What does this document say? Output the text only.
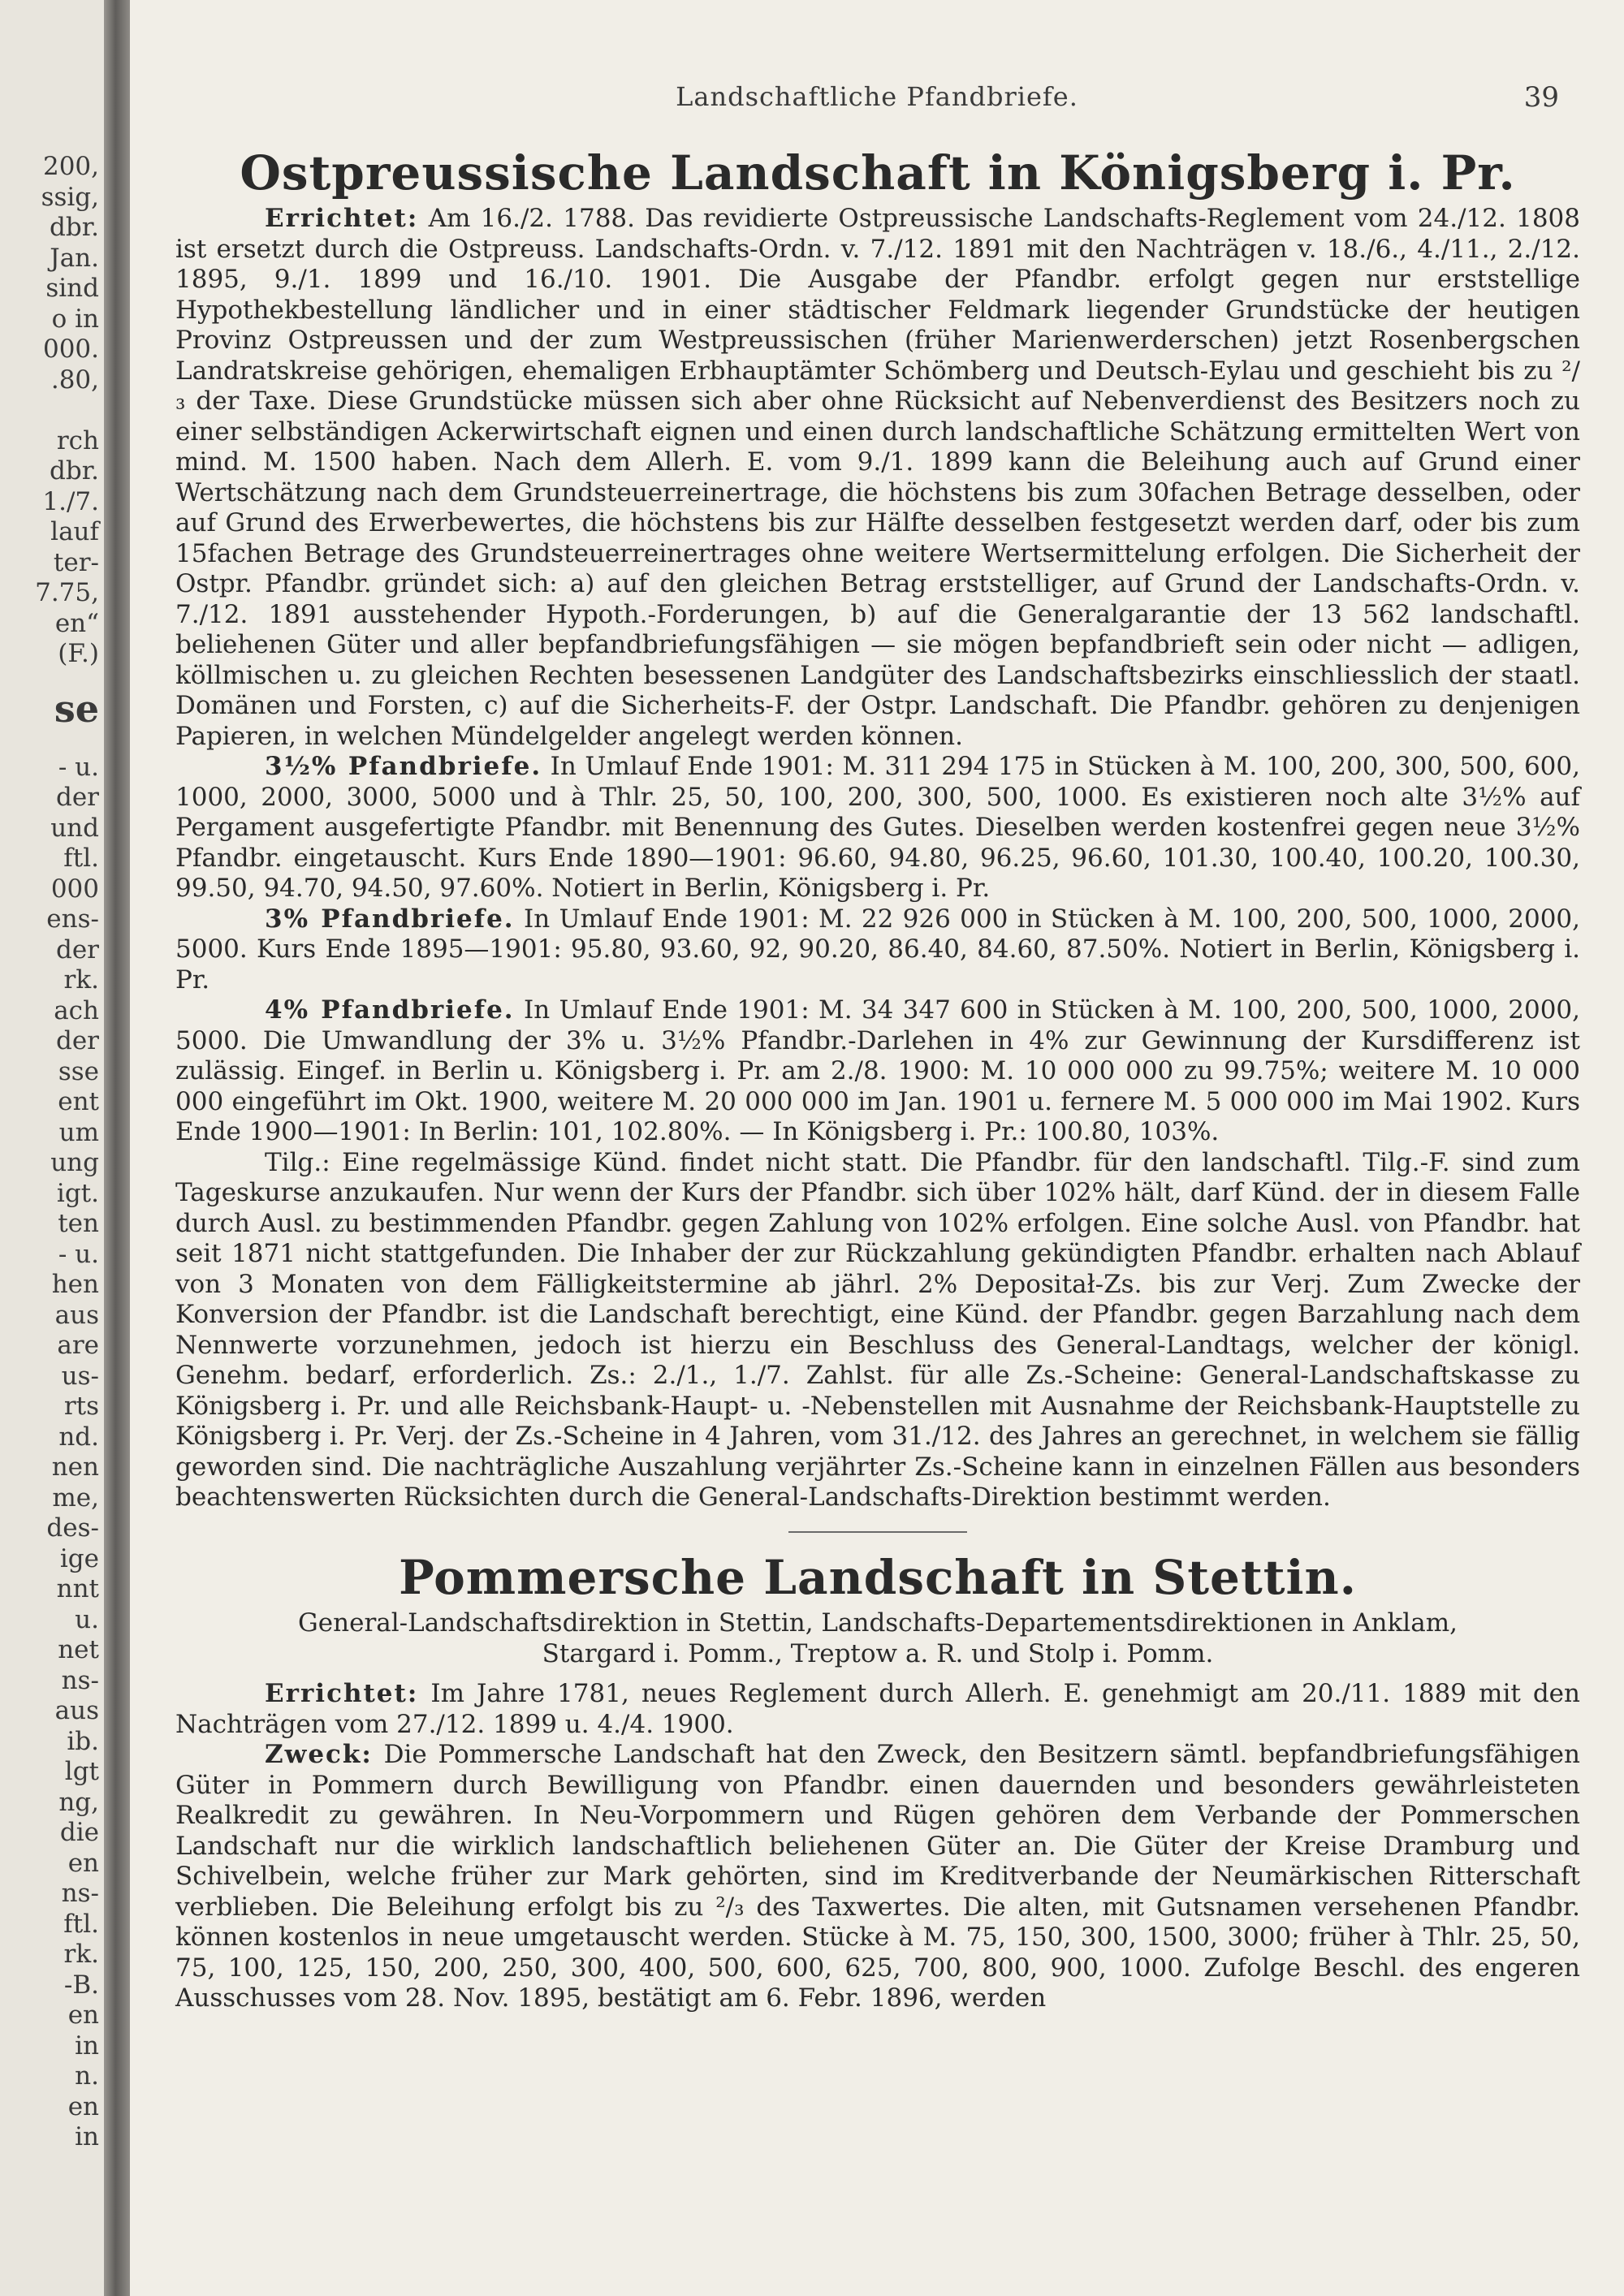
200,
ssig,
dbr.
Jan.
sind
o in
000.
.80,
rch
dbr.
1./7.
lauf
ter-
7.75,
en“
(F.)
se
- u.
der
und
ftl.
000
ens-
der
rk.
ach
der
sse
ent
um
ung
igt.
ten
- u.
hen
aus
are
us-
rts
nd.
nen
me,
des-
ige
nnt
u.
net
ns-
aus
ib.
lgt
ng,
die
en
ns-
ftl.
rk.
-B.
en
in
n.
en
in
Landschaftliche Pfandbriefe.	39
Ostpreussische Landschaft in Königsberg i. Pr.

Errichtet: Am 16./2. 1788. Das revidierte Ostpreussische Landschafts-Reglement vom 24./12. 1808 ist ersetzt durch die Ostpreuss. Landschafts-Ordn. v. 7./12. 1891 mit den Nachträgen v. 18./6., 4./11., 2./12. 1895, 9./1. 1899 und 16./10. 1901. Die Ausgabe der Pfandbr. erfolgt gegen nur erststellige Hypothekbestellung ländlicher und in einer städtischer Feldmark liegender Grundstücke der heutigen Provinz Ostpreussen und der zum Westpreussischen (früher Marienwerderschen) jetzt Rosenbergschen Landratskreise gehörigen, ehemaligen Erbhauptämter Schömberg und Deutsch-Eylau und geschieht bis zu ²/₃ der Taxe. Diese Grundstücke müssen sich aber ohne Rücksicht auf Nebenverdienst des Besitzers noch zu einer selbständigen Ackerwirtschaft eignen und einen durch landschaftliche Schätzung ermittelten Wert von mind. M. 1500 haben. Nach dem Allerh. E. vom 9./1. 1899 kann die Beleihung auch auf Grund einer Wertschätzung nach dem Grundsteuerreinertrage, die höchstens bis zum 30fachen Betrage desselben, oder auf Grund des Erwerbewertes, die höchstens bis zur Hälfte desselben festgesetzt werden darf, oder bis zum 15fachen Betrage des Grundsteuerreinertrages ohne weitere Wertsermittelung erfolgen. Die Sicherheit der Ostpr. Pfandbr. gründet sich: a) auf den gleichen Betrag erststelliger, auf Grund der Landschafts-Ordn. v. 7./12. 1891 ausstehender Hypoth.-Forderungen, b) auf die Generalgarantie der 13 562 landschaftl. beliehenen Güter und aller bepfandbriefungsfähigen — sie mögen bepfandbrieft sein oder nicht — adligen, köllmischen u. zu gleichen Rechten besessenen Landgüter des Landschaftsbezirks einschliesslich der staatl. Domänen und Forsten, c) auf die Sicherheits-F. der Ostpr. Landschaft. Die Pfandbr. gehören zu denjenigen Papieren, in welchen Mündelgelder angelegt werden können.

3½% Pfandbriefe. In Umlauf Ende 1901: M. 311 294 175 in Stücken à M. 100, 200, 300, 500, 600, 1000, 2000, 3000, 5000 und à Thlr. 25, 50, 100, 200, 300, 500, 1000. Es existieren noch alte 3½% auf Pergament ausgefertigte Pfandbr. mit Benennung des Gutes. Dieselben werden kostenfrei gegen neue 3½% Pfandbr. eingetauscht. Kurs Ende 1890—1901: 96.60, 94.80, 96.25, 96.60, 101.30, 100.40, 100.20, 100.30, 99.50, 94.70, 94.50, 97.60%. Notiert in Berlin, Königsberg i. Pr.

3% Pfandbriefe. In Umlauf Ende 1901: M. 22 926 000 in Stücken à M. 100, 200, 500, 1000, 2000, 5000. Kurs Ende 1895—1901: 95.80, 93.60, 92, 90.20, 86.40, 84.60, 87.50%. Notiert in Berlin, Königsberg i. Pr.

4% Pfandbriefe. In Umlauf Ende 1901: M. 34 347 600 in Stücken à M. 100, 200, 500, 1000, 2000, 5000. Die Umwandlung der 3% u. 3½% Pfandbr.-Darlehen in 4% zur Gewinnung der Kursdifferenz ist zulässig. Eingef. in Berlin u. Königsberg i. Pr. am 2./8. 1900: M. 10 000 000 zu 99.75%; weitere M. 10 000 000 eingeführt im Okt. 1900, weitere M. 20 000 000 im Jan. 1901 u. fernere M. 5 000 000 im Mai 1902. Kurs Ende 1900—1901: In Berlin: 101, 102.80%. — In Königsberg i. Pr.: 100.80, 103%.

Tilg.: Eine regelmässige Künd. findet nicht statt. Die Pfandbr. für den landschaftl. Tilg.-F. sind zum Tageskurse anzukaufen. Nur wenn der Kurs der Pfandbr. sich über 102% hält, darf Künd. der in diesem Falle durch Ausl. zu bestimmenden Pfandbr. gegen Zahlung von 102% erfolgen. Eine solche Ausl. von Pfandbr. hat seit 1871 nicht stattgefunden. Die Inhaber der zur Rückzahlung gekündigten Pfandbr. erhalten nach Ablauf von 3 Monaten von dem Fälligkeitstermine ab jährl. 2% Depositał-Zs. bis zur Verj. Zum Zwecke der Konversion der Pfandbr. ist die Landschaft berechtigt, eine Künd. der Pfandbr. gegen Barzahlung nach dem Nennwerte vorzunehmen, jedoch ist hierzu ein Beschluss des General-Landtags, welcher der königl. Genehm. bedarf, erforderlich. Zs.: 2./1., 1./7. Zahlst. für alle Zs.-Scheine: General-Landschaftskasse zu Königsberg i. Pr. und alle Reichsbank-Haupt- u. -Nebenstellen mit Ausnahme der Reichsbank-Hauptstelle zu Königsberg i. Pr. Verj. der Zs.-Scheine in 4 Jahren, vom 31./12. des Jahres an gerechnet, in welchem sie fällig geworden sind. Die nachträgliche Auszahlung verjährter Zs.-Scheine kann in einzelnen Fällen aus besonders beachtenswerten Rücksichten durch die General-Landschafts-Direktion bestimmt werden.

Pommersche Landschaft in Stettin.
General-Landschaftsdirektion in Stettin, Landschafts-Departementsdirektionen in Anklam,
Stargard i. Pomm., Treptow a. R. und Stolp i. Pomm.

Errichtet: Im Jahre 1781, neues Reglement durch Allerh. E. genehmigt am 20./11. 1889 mit den Nachträgen vom 27./12. 1899 u. 4./4. 1900.

Zweck: Die Pommersche Landschaft hat den Zweck, den Besitzern sämtl. bepfandbriefungsfähigen Güter in Pommern durch Bewilligung von Pfandbr. einen dauernden und besonders gewährleisteten Realkredit zu gewähren. In Neu-Vorpommern und Rügen gehören dem Verbande der Pommerschen Landschaft nur die wirklich landschaftlich beliehenen Güter an. Die Güter der Kreise Dramburg und Schivelbein, welche früher zur Mark gehörten, sind im Kreditverbande der Neumärkischen Ritterschaft verblieben. Die Beleihung erfolgt bis zu ²/₃ des Taxwertes. Die alten, mit Gutsnamen versehenen Pfandbr. können kostenlos in neue umgetauscht werden. Stücke à M. 75, 150, 300, 1500, 3000; früher à Thlr. 25, 50, 75, 100, 125, 150, 200, 250, 300, 400, 500, 600, 625, 700, 800, 900, 1000. Zufolge Beschl. des engeren Ausschusses vom 28. Nov. 1895, bestätigt am 6. Febr. 1896, werden
